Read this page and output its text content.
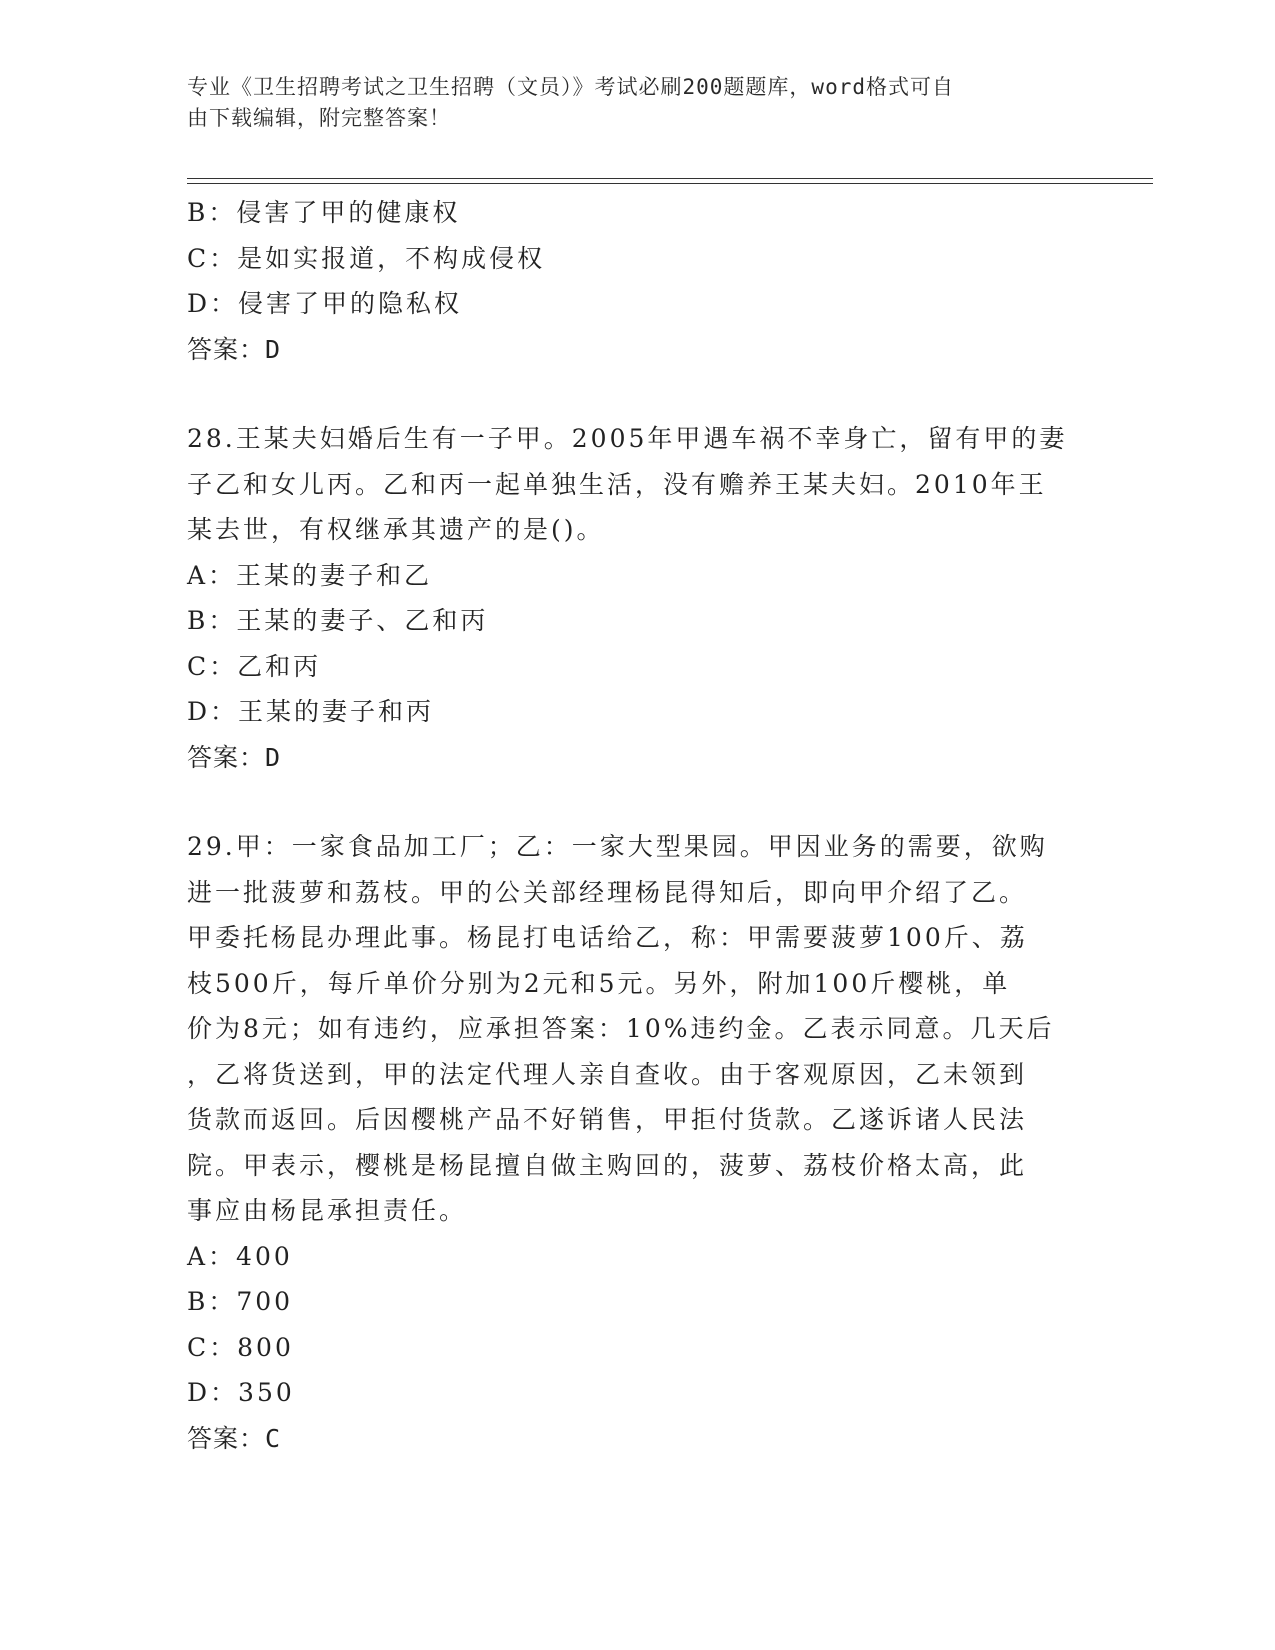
专业《卫生招聘考试之卫生招聘（文员）》考试必刷200题题库，word格式可自
由下载编辑，附完整答案！
B：侵害了甲的健康权
C：是如实报道，不构成侵权
D：侵害了甲的隐私权
答案：D

28.王某夫妇婚后生有一子甲。2005年甲遇车祸不幸身亡，留有甲的妻

子乙和女儿丙。乙和丙一起单独生活，没有赡养王某夫妇。2010年王

某去世，有权继承其遗产的是()。

A：王某的妻子和乙
B：王某的妻子、乙和丙
C：乙和丙
D：王某的妻子和丙
答案：D

29.甲：一家食品加工厂；乙：一家大型果园。甲因业务的需要，欲购

进一批菠萝和荔枝。甲的公关部经理杨昆得知后，即向甲介绍了乙。

甲委托杨昆办理此事。杨昆打电话给乙，称：甲需要菠萝100斤、荔

枝500斤，每斤单价分别为2元和5元。另外，附加100斤樱桃，单

价为8元；如有违约，应承担答案：10%违约金。乙表示同意。几天后

，乙将货送到，甲的法定代理人亲自查收。由于客观原因，乙未领到

货款而返回。后因樱桃产品不好销售，甲拒付货款。乙遂诉诸人民法

院。甲表示，樱桃是杨昆擅自做主购回的，菠萝、荔枝价格太高，此

事应由杨昆承担责任。

A：400
B：700
C：800
D：350
答案：C
